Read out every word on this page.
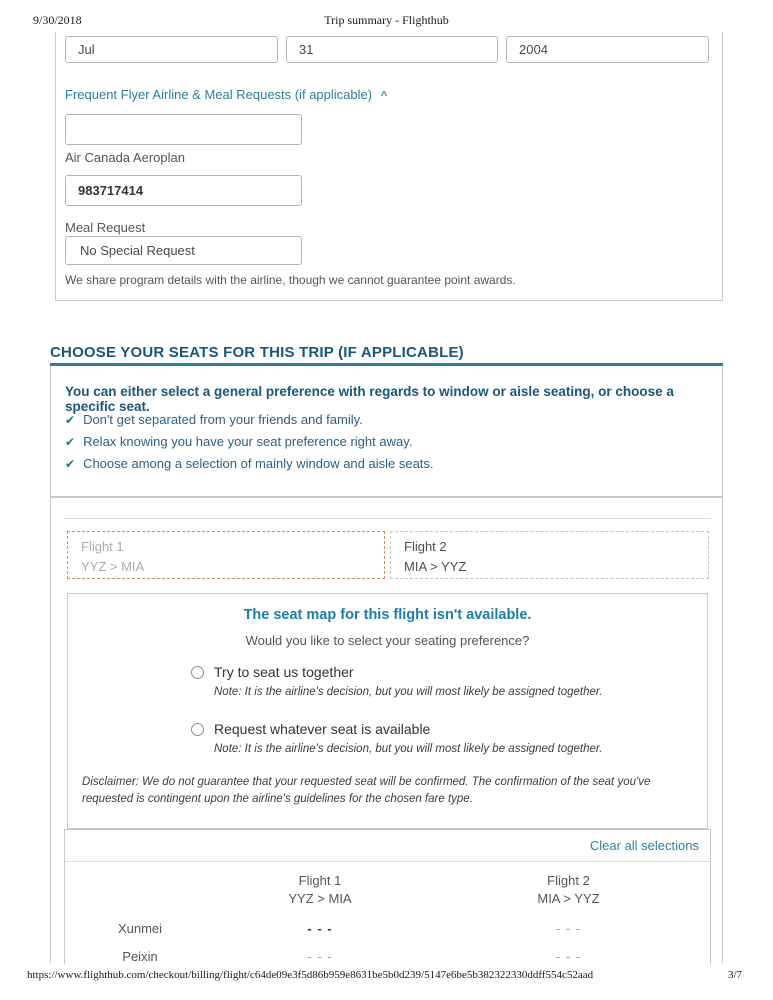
9/30/2018	Trip summary - Flighthub
Jul
31
2004
Frequent Flyer Airline & Meal Requests (if applicable) ^
Air Canada Aeroplan
983717414
Meal Request
No Special Request
We share program details with the airline, though we cannot guarantee point awards.
CHOOSE YOUR SEATS FOR THIS TRIP (IF APPLICABLE)
You can either select a general preference with regards to window or aisle seating, or choose a specific seat.
✔ Don't get separated from your friends and family.
✔ Relax knowing you have your seat preference right away.
✔ Choose among a selection of mainly window and aisle seats.
Flight 1
YYZ > MIA
Flight 2
MIA > YYZ
The seat map for this flight isn't available.
Would you like to select your seating preference?
Try to seat us together
Note: It is the airline's decision, but you will most likely be assigned together.
Request whatever seat is available
Note: It is the airline's decision, but you will most likely be assigned together.
Disclaimer: We do not guarantee that your requested seat will be confirmed. The confirmation of the seat you've requested is contingent upon the airline's guidelines for the chosen fare type.
Clear all selections
Flight 1
YYZ > MIA
Flight 2
MIA > YYZ
Xunmei	- - -	- - -
Peixin	- - -	- - -
https://www.flighthub.com/checkout/billing/flight/c64de09e3f5d86b959e8631be5b0d239/5147e6be5b382322330ddff554c52aad	3/7
